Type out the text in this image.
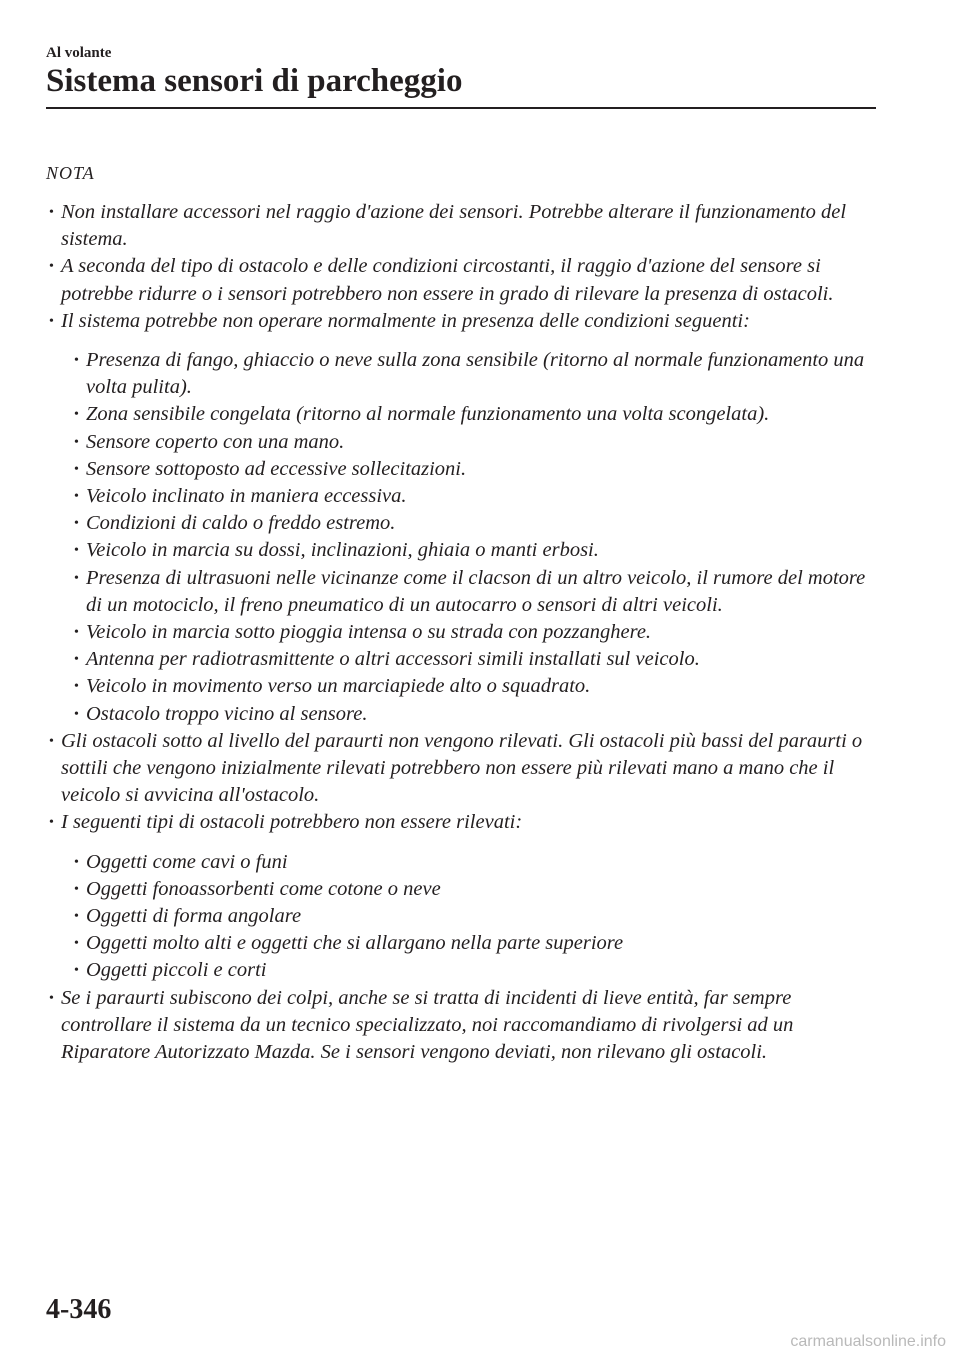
Al volante
Sistema sensori di parcheggio
NOTA
• Non installare accessori nel raggio d'azione dei sensori. Potrebbe alterare il funzionamento del sistema.
• A seconda del tipo di ostacolo e delle condizioni circostanti, il raggio d'azione del sensore si potrebbe ridurre o i sensori potrebbero non essere in grado di rilevare la presenza di ostacoli.
• Il sistema potrebbe non operare normalmente in presenza delle condizioni seguenti:
• Presenza di fango, ghiaccio o neve sulla zona sensibile (ritorno al normale funzionamento una volta pulita).
• Zona sensibile congelata (ritorno al normale funzionamento una volta scongelata).
• Sensore coperto con una mano.
• Sensore sottoposto ad eccessive sollecitazioni.
• Veicolo inclinato in maniera eccessiva.
• Condizioni di caldo o freddo estremo.
• Veicolo in marcia su dossi, inclinazioni, ghiaia o manti erbosi.
• Presenza di ultrasuoni nelle vicinanze come il clacson di un altro veicolo, il rumore del motore di un motociclo, il freno pneumatico di un autocarro o sensori di altri veicoli.
• Veicolo in marcia sotto pioggia intensa o su strada con pozzanghere.
• Antenna per radiotrasmittente o altri accessori simili installati sul veicolo.
• Veicolo in movimento verso un marciapiede alto o squadrato.
• Ostacolo troppo vicino al sensore.
• Gli ostacoli sotto al livello del paraurti non vengono rilevati. Gli ostacoli più bassi del paraurti o sottili che vengono inizialmente rilevati potrebbero non essere più rilevati mano a mano che il veicolo si avvicina all'ostacolo.
• I seguenti tipi di ostacoli potrebbero non essere rilevati:
• Oggetti come cavi o funi
• Oggetti fonoassorbenti come cotone o neve
• Oggetti di forma angolare
• Oggetti molto alti e oggetti che si allargano nella parte superiore
• Oggetti piccoli e corti
• Se i paraurti subiscono dei colpi, anche se si tratta di incidenti di lieve entità, far sempre controllare il sistema da un tecnico specializzato, noi raccomandiamo di rivolgersi ad un Riparatore Autorizzato Mazda. Se i sensori vengono deviati, non rilevano gli ostacoli.
4-346
carmanualsonline.info
